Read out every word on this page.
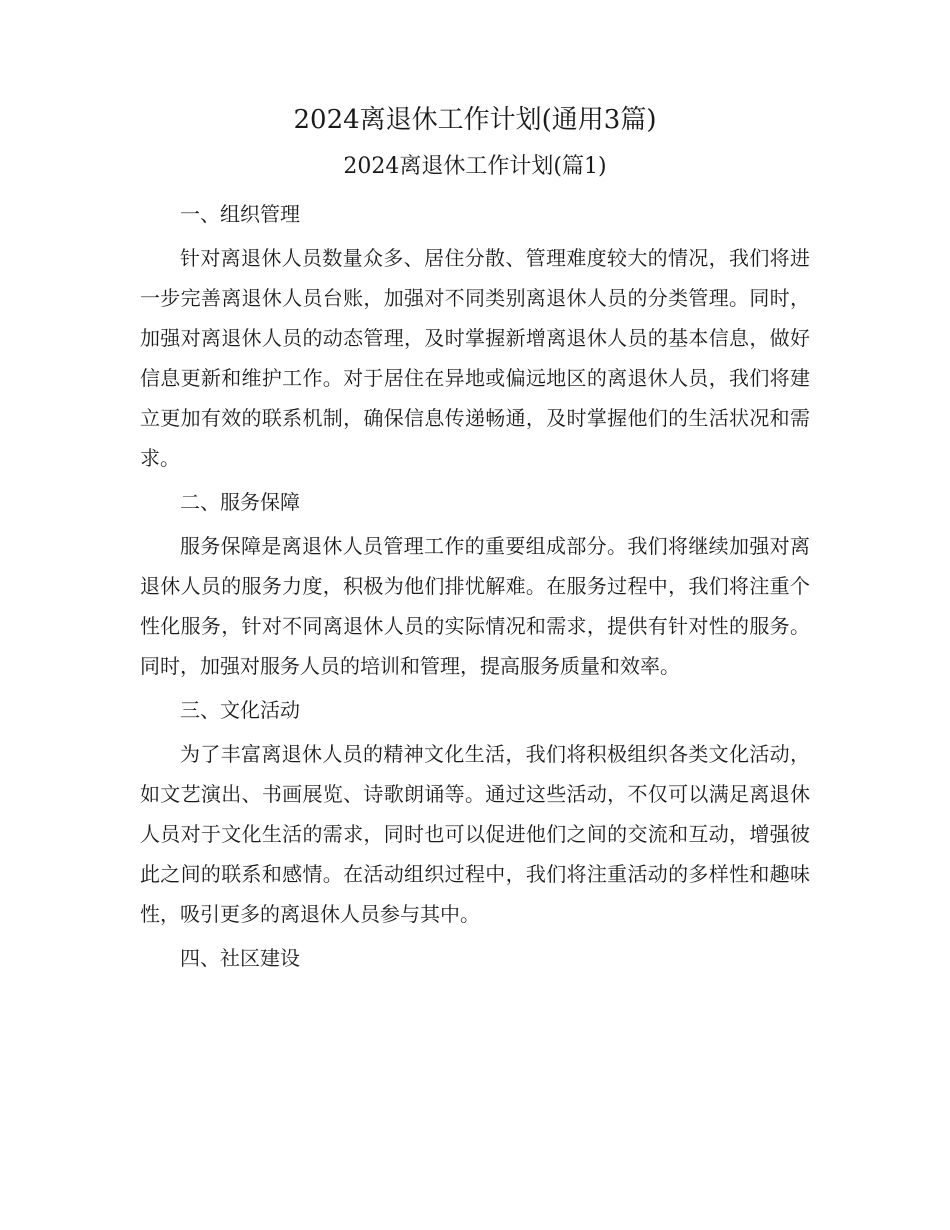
2024离退休工作计划(通用3篇)
2024离退休工作计划(篇1)
一、组织管理

针对离退休人员数量众多、居住分散、管理难度较大的情况，我们将进一步完善离退休人员台账，加强对不同类别离退休人员的分类管理。同时，加强对离退休人员的动态管理，及时掌握新增离退休人员的基本信息，做好信息更新和维护工作。对于居住在异地或偏远地区的离退休人员，我们将建立更加有效的联系机制，确保信息传递畅通，及时掌握他们的生活状况和需求。

二、服务保障

服务保障是离退休人员管理工作的重要组成部分。我们将继续加强对离退休人员的服务力度，积极为他们排忧解难。在服务过程中，我们将注重个性化服务，针对不同离退休人员的实际情况和需求，提供有针对性的服务。同时，加强对服务人员的培训和管理，提高服务质量和效率。

三、文化活动

为了丰富离退休人员的精神文化生活，我们将积极组织各类文化活动，如文艺演出、书画展览、诗歌朗诵等。通过这些活动，不仅可以满足离退休人员对于文化生活的需求，同时也可以促进他们之间的交流和互动，增强彼此之间的联系和感情。在活动组织过程中，我们将注重活动的多样性和趣味性，吸引更多的离退休人员参与其中。

四、社区建设
